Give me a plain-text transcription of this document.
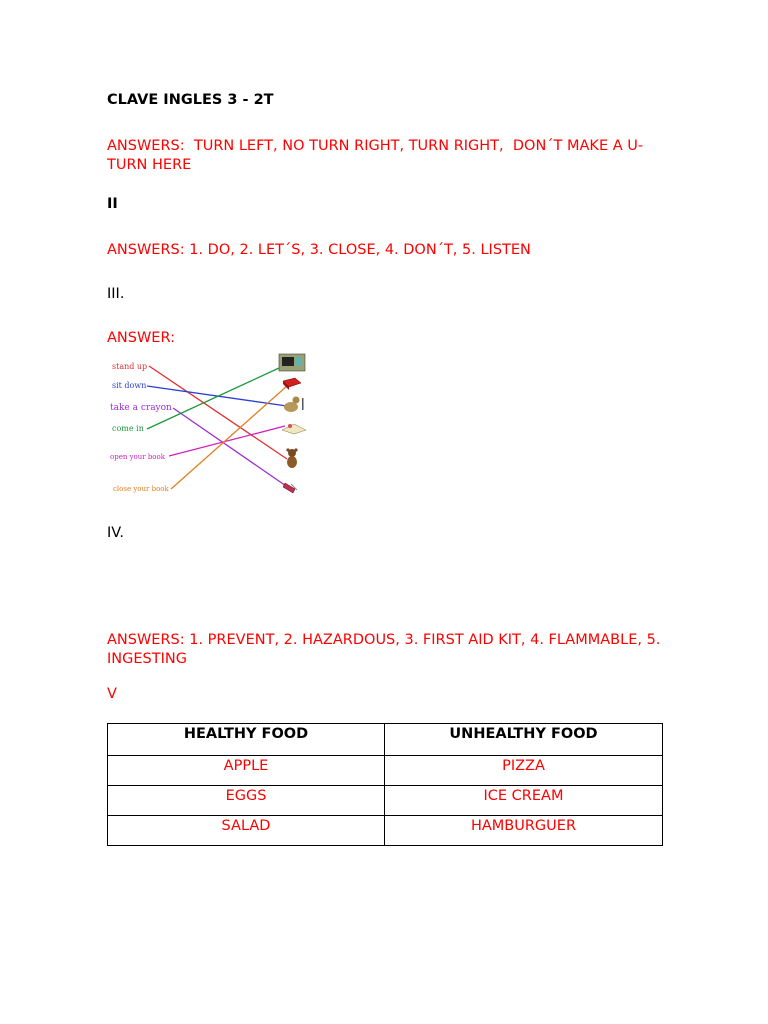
CLAVE INGLES 3 - 2T
ANSWERS:  TURN LEFT, NO TURN RIGHT, TURN RIGHT,  DON´T MAKE A U-TURN HERE
II
ANSWERS: 1. DO, 2. LET´S, 3. CLOSE, 4. DON´T, 5. LISTEN
III.
ANSWER:
stand up
sit down
take a crayon
come in
open your book
close your book
IV.
ANSWERS: 1. PREVENT, 2. HAZARDOUS, 3. FIRST AID KIT, 4. FLAMMABLE, 5. INGESTING
V
HEALTHY FOOD	UNHEALTHY FOOD
APPLE	PIZZA
EGGS	ICE CREAM
SALAD	HAMBURGUER
